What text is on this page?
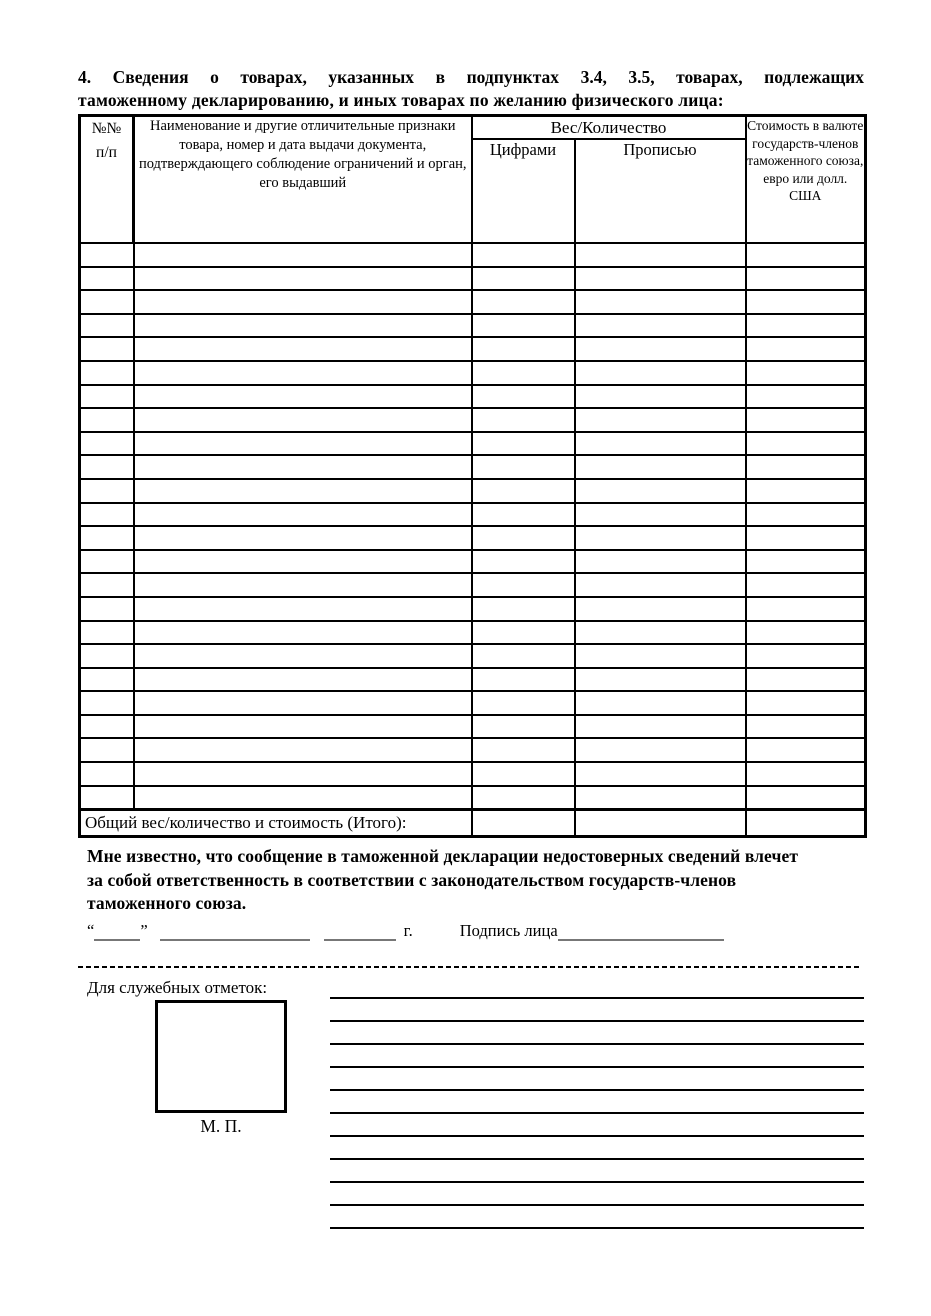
4. Сведения о товарах, указанных в подпунктах 3.4, 3.5, товарах, подлежащих
таможенному декларированию, и иных товарах по желанию физического лица:
№№
п/п	Наименование и другие отличительные признаки товара, номер и дата выдачи документа, подтверждающего соблюдение ограничений и орган, его выдавший	Вес/Количество		Стоимость в валюте государств-членов таможенного союза, евро или долл. США
		Цифрами	Прописью	

Общий вес/количество и стоимость (Итого):				
Мне известно, что сообщение в таможенной декларации недостоверных сведений влечет
за собой ответственность в соответствии с законодательством государств-членов
таможенного союза.
“	”	г.	Подпись лица
Для служебных отметок:
М. П.
